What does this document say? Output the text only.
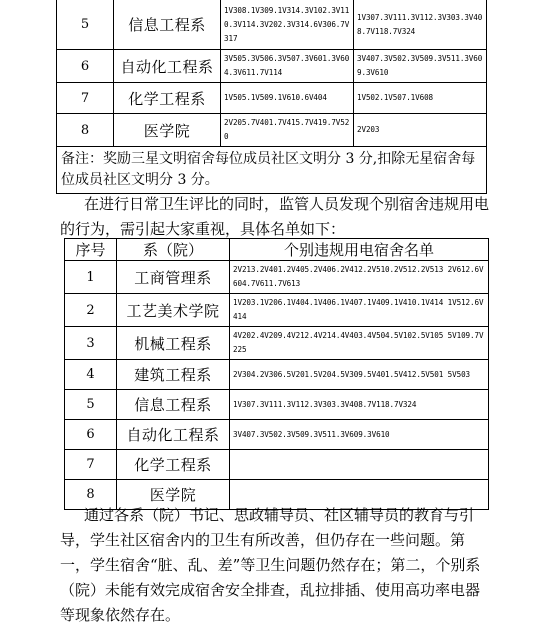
5	信息工程系	1V308.1V309.1V314.3V102.3V110.3V114.3V202.3V314.6V306.7V317	1V307.3V111.3V112.3V303.3V408.7V118.7V324
6	自动化工程系	3V505.3V506.3V507.3V601.3V604.3V611.7V114	3V407.3V502.3V509.3V511.3V609.3V610
7	化学工程系	1V505.1V509.1V610.6V404	1V502.1V507.1V608
8	医学院	2V205.7V401.7V415.7V419.7V520	2V203
备注：奖励三星文明宿舍每位成员社区文明分 3 分,扣除无星宿舍每位成员社区文明分 3 分。			
在进行日常卫生评比的同时，监管人员发现个别宿舍违规用电的行为，需引起大家重视，具体名单如下：
序号	系（院）	个别违规用电宿舍名单
1	工商管理系	2V213.2V401.2V405.2V406.2V412.2V510.2V512.2V513 2V612.6V604.7V611.7V613
2	工艺美术学院	1V203.1V206.1V404.1V406.1V407.1V409.1V410.1V414 1V512.6V414
3	机械工程系	4V202.4V209.4V212.4V214.4V403.4V504.5V102.5V105 5V109.7V225
4	建筑工程系	2V304.2V306.5V201.5V204.5V309.5V401.5V412.5V501 5V503
5	信息工程系	1V307.3V111.3V112.3V303.3V408.7V118.7V324
6	自动化工程系	3V407.3V502.3V509.3V511.3V609.3V610
7	化学工程系	
8	医学院	
通过各系（院）书记、思政辅导员、社区辅导员的教育与引导，学生社区宿舍内的卫生有所改善，但仍存在一些问题。第一，学生宿舍“脏、乱、差”等卫生问题仍然存在；第二，个别系（院）未能有效完成宿舍安全排查，乱拉排插、使用高功率电器等现象依然存在。
